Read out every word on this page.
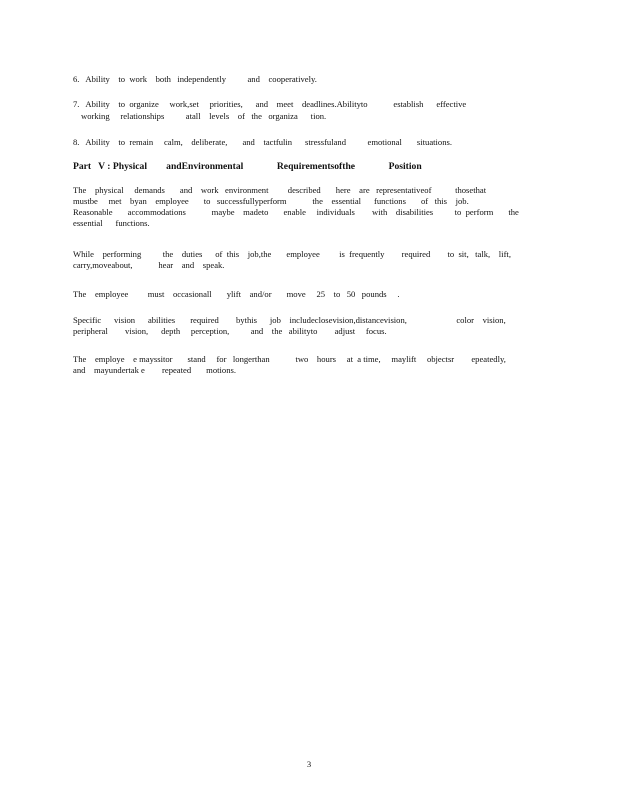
6.   Ability    to  work    both   independently          and    cooperatively.
7.   Ability    to  organize     work,set     priorities,      and    meet    deadlines.Abilityto            establish      effective
working     relationships          atall    levels    of   the   organiza      tion.
8.   Ability    to  remain     calm,    deliberate,       and    tactfulin      stressfuland          emotional       situations.
Part   V : Physical        andEnvironmental              Requirementsofthe              Position
The    physical     demands       and    work   environment         described       here    are   representativeof           thosethat
mustbe     met    byan    employee       to   successfullyperform            the    essential      functions       of   this    job.
Reasonable       accommodations            maybe    madeto       enable     individuals        with    disabilities          to  perform       the
essential      functions.
While    performing          the    duties      of  this    job,the       employee         is  frequently        required        to  sit,   talk,    lift,
carry,moveabout,            hear    and    speak.
The    employee         must    occasionall       ylift    and/or       move     25    to   50   pounds     .
Specific      vision      abilities       required        bythis      job    includeclosevision,distancevision,                       color    vision,
peripheral        vision,      depth     perception,          and    the   abilityto        adjust     focus.
The    employe    e mayssitor       stand     for   longerthan            two    hours     at  a time,     maylift     objectsr        epeatedly,
and    mayundertak e        repeated       motions.
3
